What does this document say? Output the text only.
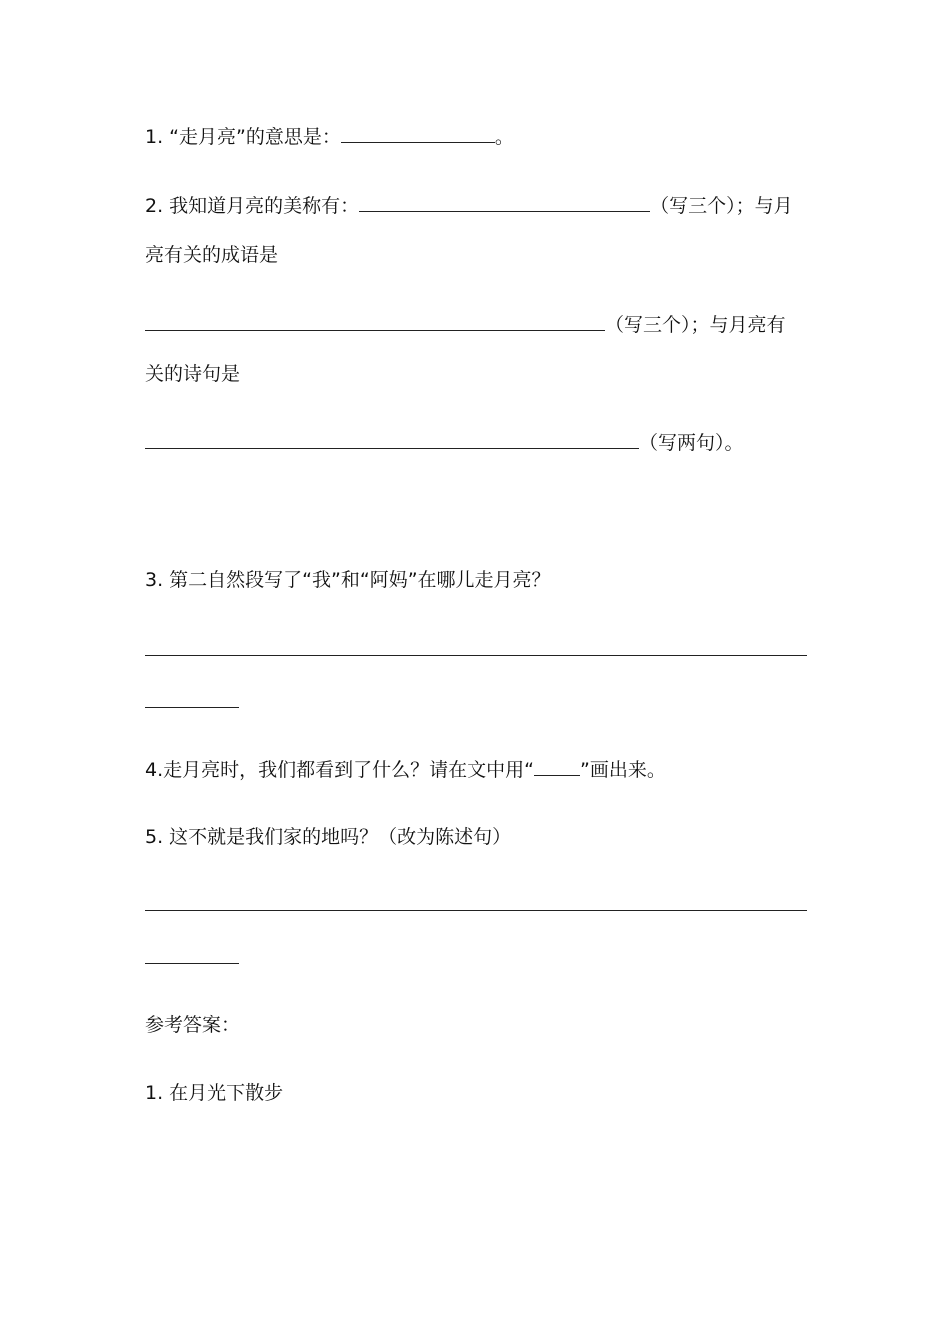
1. “走月亮”的意思是：	。
2. 我知道月亮的美称有：	（写三个）；与月
亮有关的成语是
（写三个）；与月亮有
关的诗句是
（写两句）。
3. 第二自然段写了“我”和“阿妈”在哪儿走月亮？
4.走月亮时，我们都看到了什么？请在文中用“ ”画出来。
5. 这不就是我们家的地吗？（改为陈述句）
参考答案：
1. 在月光下散步
